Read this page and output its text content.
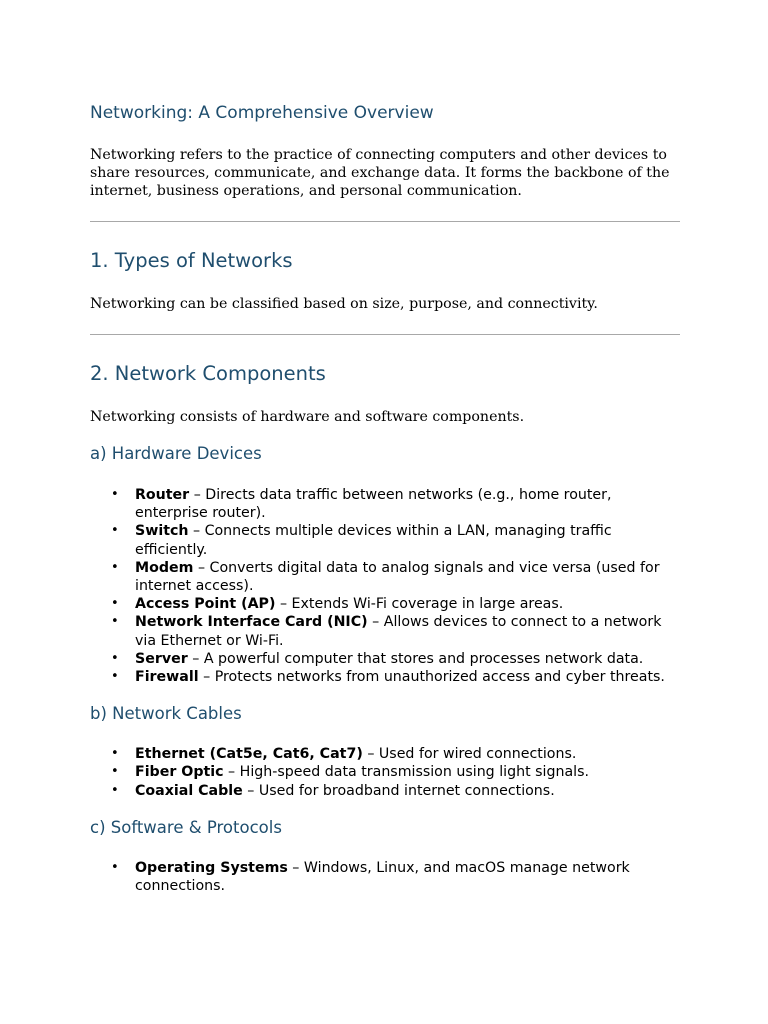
Networking: A Comprehensive Overview

Networking refers to the practice of connecting computers and other devices to share resources, communicate, and exchange data. It forms the backbone of the internet, business operations, and personal communication.

1. Types of Networks

Networking can be classified based on size, purpose, and connectivity.

2. Network Components

Networking consists of hardware and software components.

a) Hardware Devices
• Router – Directs data traffic between networks (e.g., home router, enterprise router).
• Switch – Connects multiple devices within a LAN, managing traffic efficiently.
• Modem – Converts digital data to analog signals and vice versa (used for internet access).
• Access Point (AP) – Extends Wi-Fi coverage in large areas.
• Network Interface Card (NIC) – Allows devices to connect to a network via Ethernet or Wi-Fi.
• Server – A powerful computer that stores and processes network data.
• Firewall – Protects networks from unauthorized access and cyber threats.
b) Network Cables
• Ethernet (Cat5e, Cat6, Cat7) – Used for wired connections.
• Fiber Optic – High-speed data transmission using light signals.
• Coaxial Cable – Used for broadband internet connections.
c) Software & Protocols
• Operating Systems – Windows, Linux, and macOS manage network connections.
